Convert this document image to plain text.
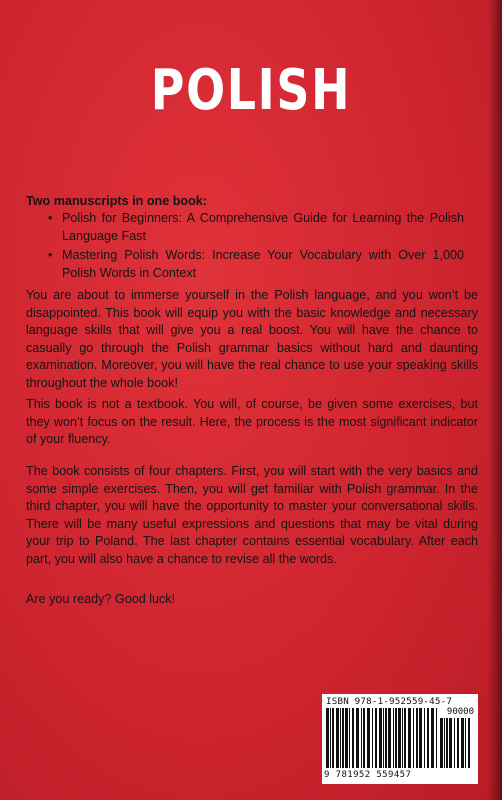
POLISH
Two manuscripts in one book:
• Polish for Beginners: A Comprehensive Guide for Learning the Polish Language Fast
• Mastering Polish Words: Increase Your Vocabulary with Over 1,000 Polish Words in Context
You are about to immerse yourself in the Polish language, and you won’t be disappointed. This book will equip you with the basic knowledge and necessary language skills that will give you a real boost. You will have the chance to casually go through the Polish grammar basics without hard and daunting examination. Moreover, you will have the real chance to use your speaking skills throughout the whole book!
This book is not a textbook. You will, of course, be given some exercises, but they won’t focus on the result. Here, the process is the most significant indicator of your fluency.
The book consists of four chapters. First, you will start with the very basics and some simple exercises. Then, you will get familiar with Polish grammar. In the third chapter, you will have the opportunity to master your conversational skills. There will be many useful expressions and questions that may be vital during your trip to Poland. The last chapter contains essential vocabulary. After each part, you will also have a chance to revise all the words.
Are you ready? Good luck!
ISBN 978-1-952559-45-7
90000
9 781952 559457
